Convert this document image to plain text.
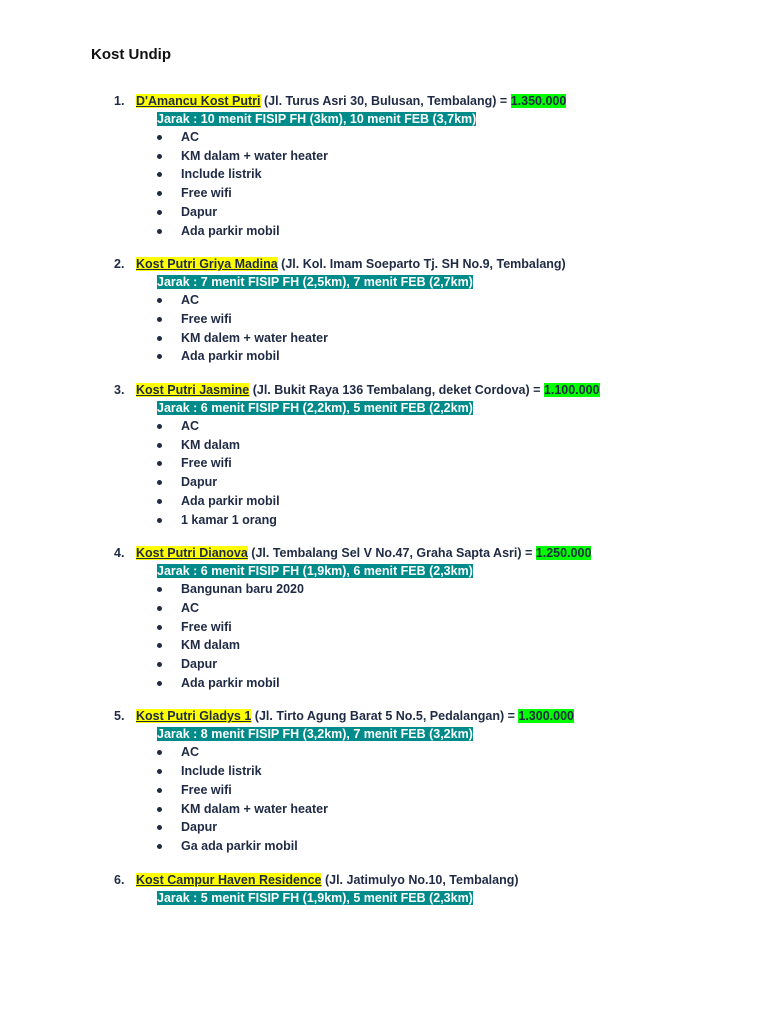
Kost Undip
1. D'Amancu Kost Putri (Jl. Turus Asri 30, Bulusan, Tembalang) = 1.350.000
Jarak : 10 menit FISIP FH (3km), 10 menit FEB (3,7km)
AC
KM dalam + water heater
Include listrik
Free wifi
Dapur
Ada parkir mobil
2. Kost Putri Griya Madina (Jl. Kol. Imam Soeparto Tj. SH No.9, Tembalang)
Jarak : 7 menit FISIP FH (2,5km), 7 menit FEB (2,7km)
AC
Free wifi
KM dalem + water heater
Ada parkir mobil
3. Kost Putri Jasmine (Jl. Bukit Raya 136 Tembalang, deket Cordova) = 1.100.000
Jarak : 6 menit FISIP FH (2,2km), 5 menit FEB (2,2km)
AC
KM dalam
Free wifi
Dapur
Ada parkir mobil
1 kamar 1 orang
4. Kost Putri Dianova (Jl. Tembalang Sel V No.47, Graha Sapta Asri) = 1.250.000
Jarak : 6 menit FISIP FH (1,9km), 6 menit FEB (2,3km)
Bangunan baru 2020
AC
Free wifi
KM dalam
Dapur
Ada parkir mobil
5. Kost Putri Gladys 1 (Jl. Tirto Agung Barat 5 No.5, Pedalangan) = 1.300.000
Jarak : 8 menit FISIP FH (3,2km), 7 menit FEB (3,2km)
AC
Include listrik
Free wifi
KM dalam + water heater
Dapur
Ga ada parkir mobil
6. Kost Campur Haven Residence (Jl. Jatimulyo No.10, Tembalang)
Jarak : 5 menit FISIP FH (1,9km), 5 menit FEB (2,3km)
